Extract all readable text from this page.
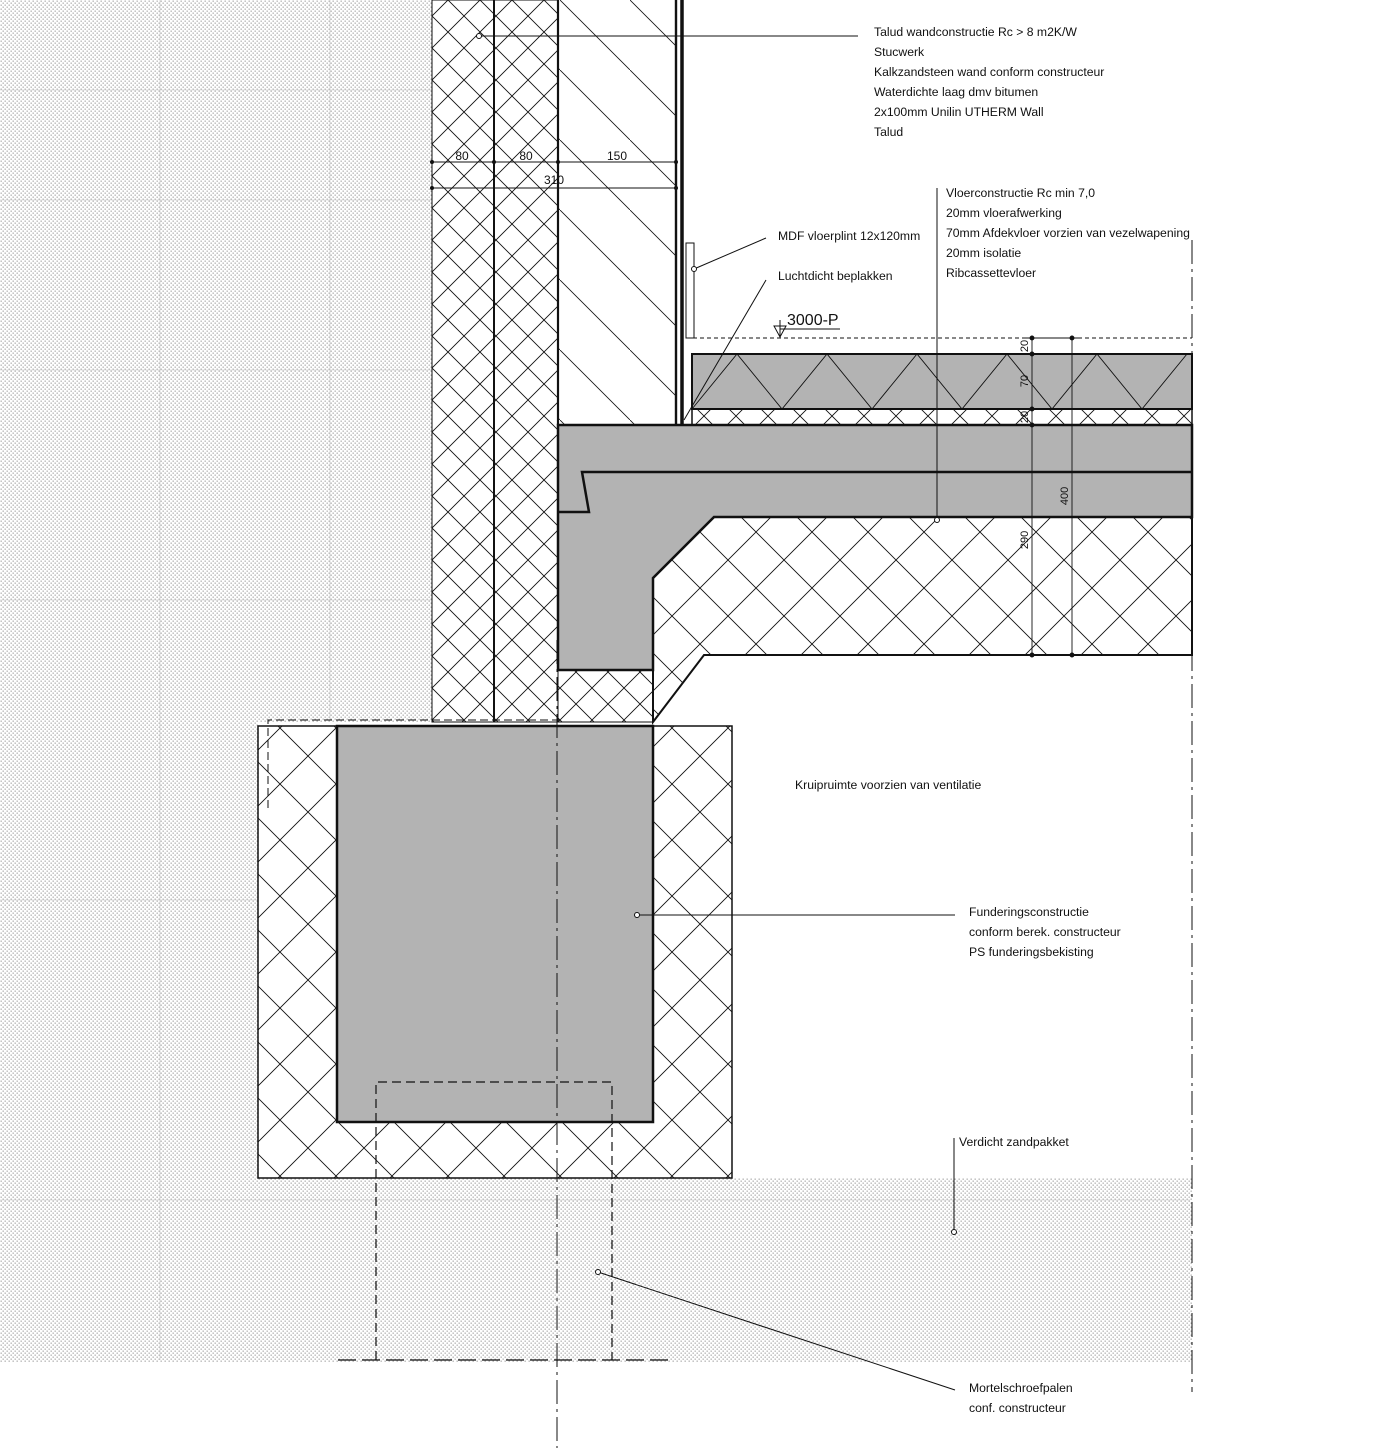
80	80	150
310
20
70
20
400
290
3000-P
Talud wandconstructie Rc > 8 m2K/W
Stucwerk
Kalkzandsteen wand conform constructeur
Waterdichte laag dmv bitumen
2x100mm Unilin UTHERM Wall
Talud
Vloerconstructie Rc min 7,0
20mm vloerafwerking
70mm Afdekvloer vorzien van vezelwapening
20mm isolatie
Ribcassettevloer
MDF vloerplint 12x120mm
Luchtdicht beplakken
Kruipruimte voorzien van ventilatie
Funderingsconstructie
conform berek. constructeur
PS funderingsbekisting
Verdicht zandpakket
Mortelschroefpalen
conf. constructeur
